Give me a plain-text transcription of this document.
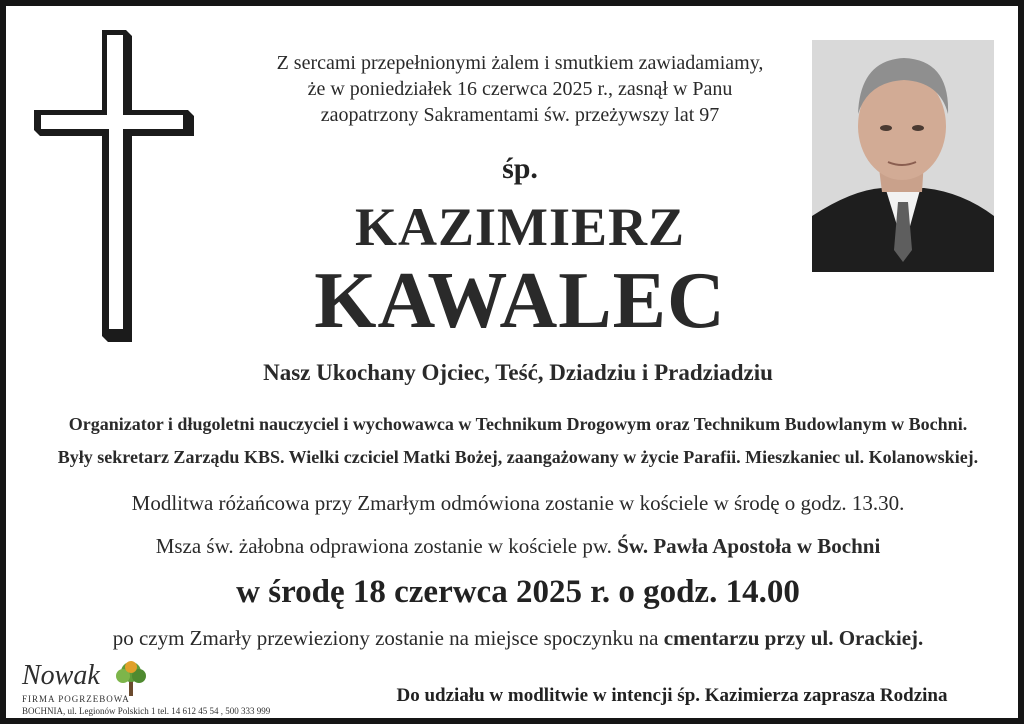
Z sercami przepełnionymi żalem i smutkiem zawiadamiamy,
że w poniedziałek 16 czerwca 2025 r., zasnął w Panu
zaopatrzony Sakramentami św. przeżywszy lat 97
śp.
KAZIMIERZ
KAWALEC
Nasz Ukochany Ojciec, Teść, Dziadziu i Pradziadziu
Organizator i długoletni nauczyciel i wychowawca w Technikum Drogowym oraz Technikum Budowlanym w Bochni.
Były sekretarz Zarządu KBS. Wielki czciciel Matki Bożej, zaangażowany w życie Parafii. Mieszkaniec ul. Kolanowskiej.
Modlitwa różańcowa przy Zmarłym odmówiona zostanie w kościele w środę o godz. 13.30.
Msza św. żałobna odprawiona zostanie w kościele pw. Św. Pawła Apostoła w Bochni
w środę 18 czerwca 2025 r. o godz. 14.00
po czym Zmarły przewieziony zostanie na miejsce spoczynku na cmentarzu przy ul. Orackiej.
Nowak
FIRMA POGRZEBOWA
BOCHNIA, ul. Legionów Polskich 1 tel. 14 612 45 54 , 500 333 999
Do udziału w modlitwie w intencji śp. Kazimierza zaprasza Rodzina
